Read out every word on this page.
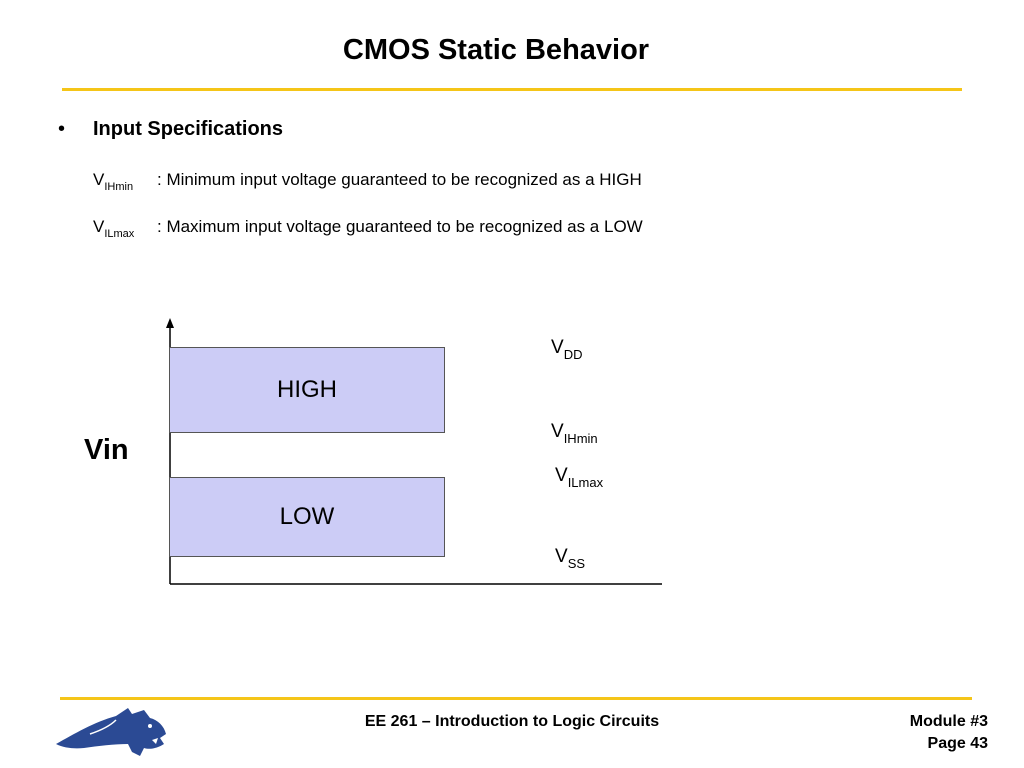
CMOS Static Behavior
• Input Specifications
$V_{IHmin}$ : Minimum input voltage guaranteed to be recognized as a HIGH
$V_{ILmax}$ : Maximum input voltage guaranteed to be recognized as a LOW
HIGH
LOW
Vin
$V_{DD}$
$V_{IHmin}$
$V_{ILmax}$
$V_{SS}$
EE 261 – Introduction to Logic Circuits	Module #3
Page 43
